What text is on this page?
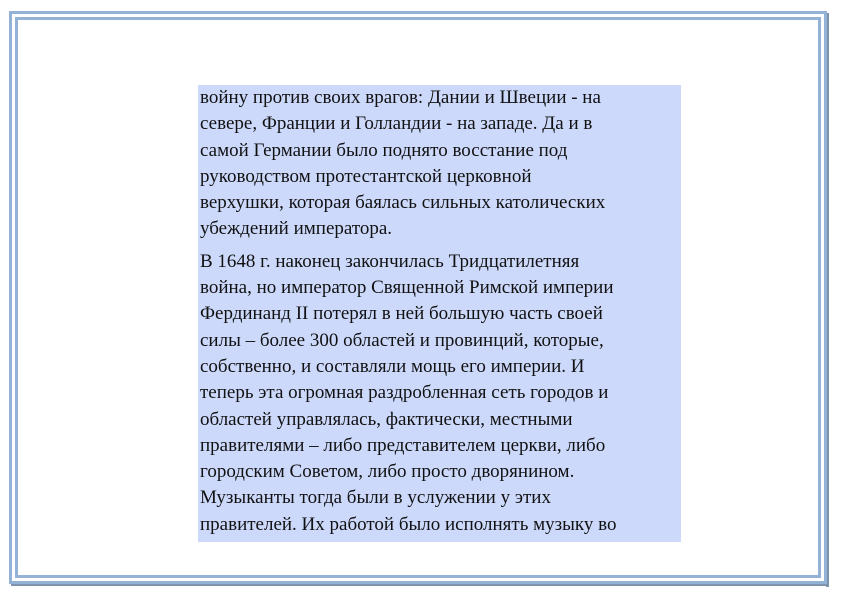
войну против своих врагов: Дании и Швеции - на
севере, Франции и Голландии - на западе. Да и в
самой Германии было поднято восстание под
руководством протестантской церковной
верхушки, которая баялась сильных католических
убеждений императора.

В 1648 г. наконец закончилась Тридцатилетняя
война, но император Священной Римской империи
Фердинанд II потерял в ней большую часть своей
силы – более 300 областей и провинций, которые,
собственно, и составляли мощь его империи. И
теперь эта огромная раздробленная сеть городов и
областей управлялась, фактически, местными
правителями – либо представителем церкви, либо
городским Советом, либо просто дворянином.
Музыканты тогда были в услужении у этих
правителей. Их работой было исполнять музыку во
